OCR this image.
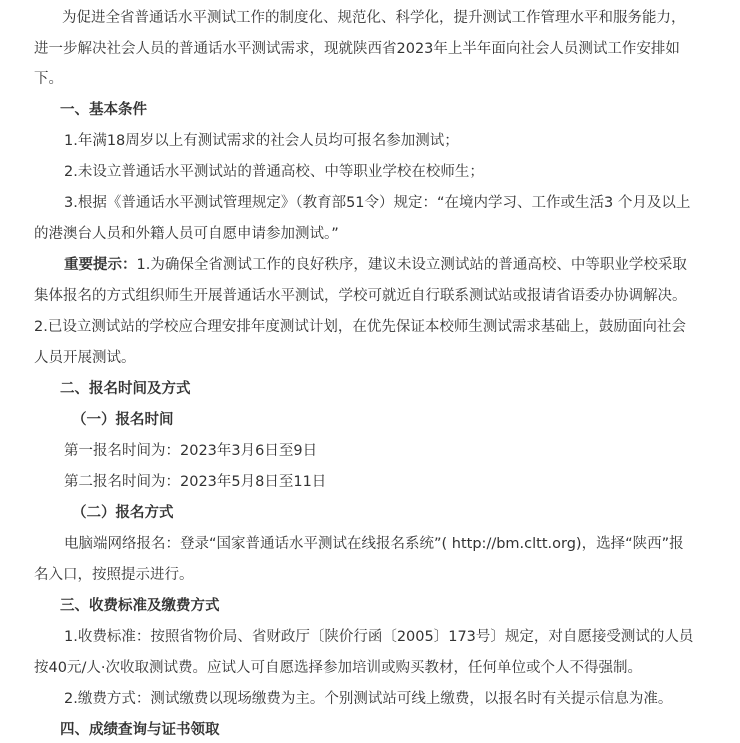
为促进全省普通话水平测试工作的制度化、规范化、科学化，提升测试工作管理水平和服务能力，
进一步解决社会人员的普通话水平测试需求，现就陕西省2023年上半年面向社会人员测试工作安排如
下。
一、基本条件
1.年满18周岁以上有测试需求的社会人员均可报名参加测试；
2.未设立普通话水平测试站的普通高校、中等职业学校在校师生；
3.根据《普通话水平测试管理规定》（教育部51令）规定：“在境内学习、工作或生活3 个月及以上
的港澳台人员和外籍人员可自愿申请参加测试。”
重要提示：1.为确保全省测试工作的良好秩序，建议未设立测试站的普通高校、中等职业学校采取
集体报名的方式组织师生开展普通话水平测试，学校可就近自行联系测试站或报请省语委办协调解决。
2.已设立测试站的学校应合理安排年度测试计划，在优先保证本校师生测试需求基础上，鼓励面向社会
人员开展测试。
二、报名时间及方式
（一）报名时间
第一报名时间为：2023年3月6日至9日
第二报名时间为：2023年5月8日至11日
（二）报名方式
电脑端网络报名：登录“国家普通话水平测试在线报名系统”( http://bm.cltt.org)，选择“陕西”报
名入口，按照提示进行。
三、收费标准及缴费方式
1.收费标准：按照省物价局、省财政厅〔陕价行函〔2005〕173号〕规定，对自愿接受测试的人员
按40元/人·次收取测试费。应试人可自愿选择参加培训或购买教材，任何单位或个人不得强制。
2.缴费方式：测试缴费以现场缴费为主。个别测试站可线上缴费，以报名时有关提示信息为准。
四、成绩查询与证书领取
